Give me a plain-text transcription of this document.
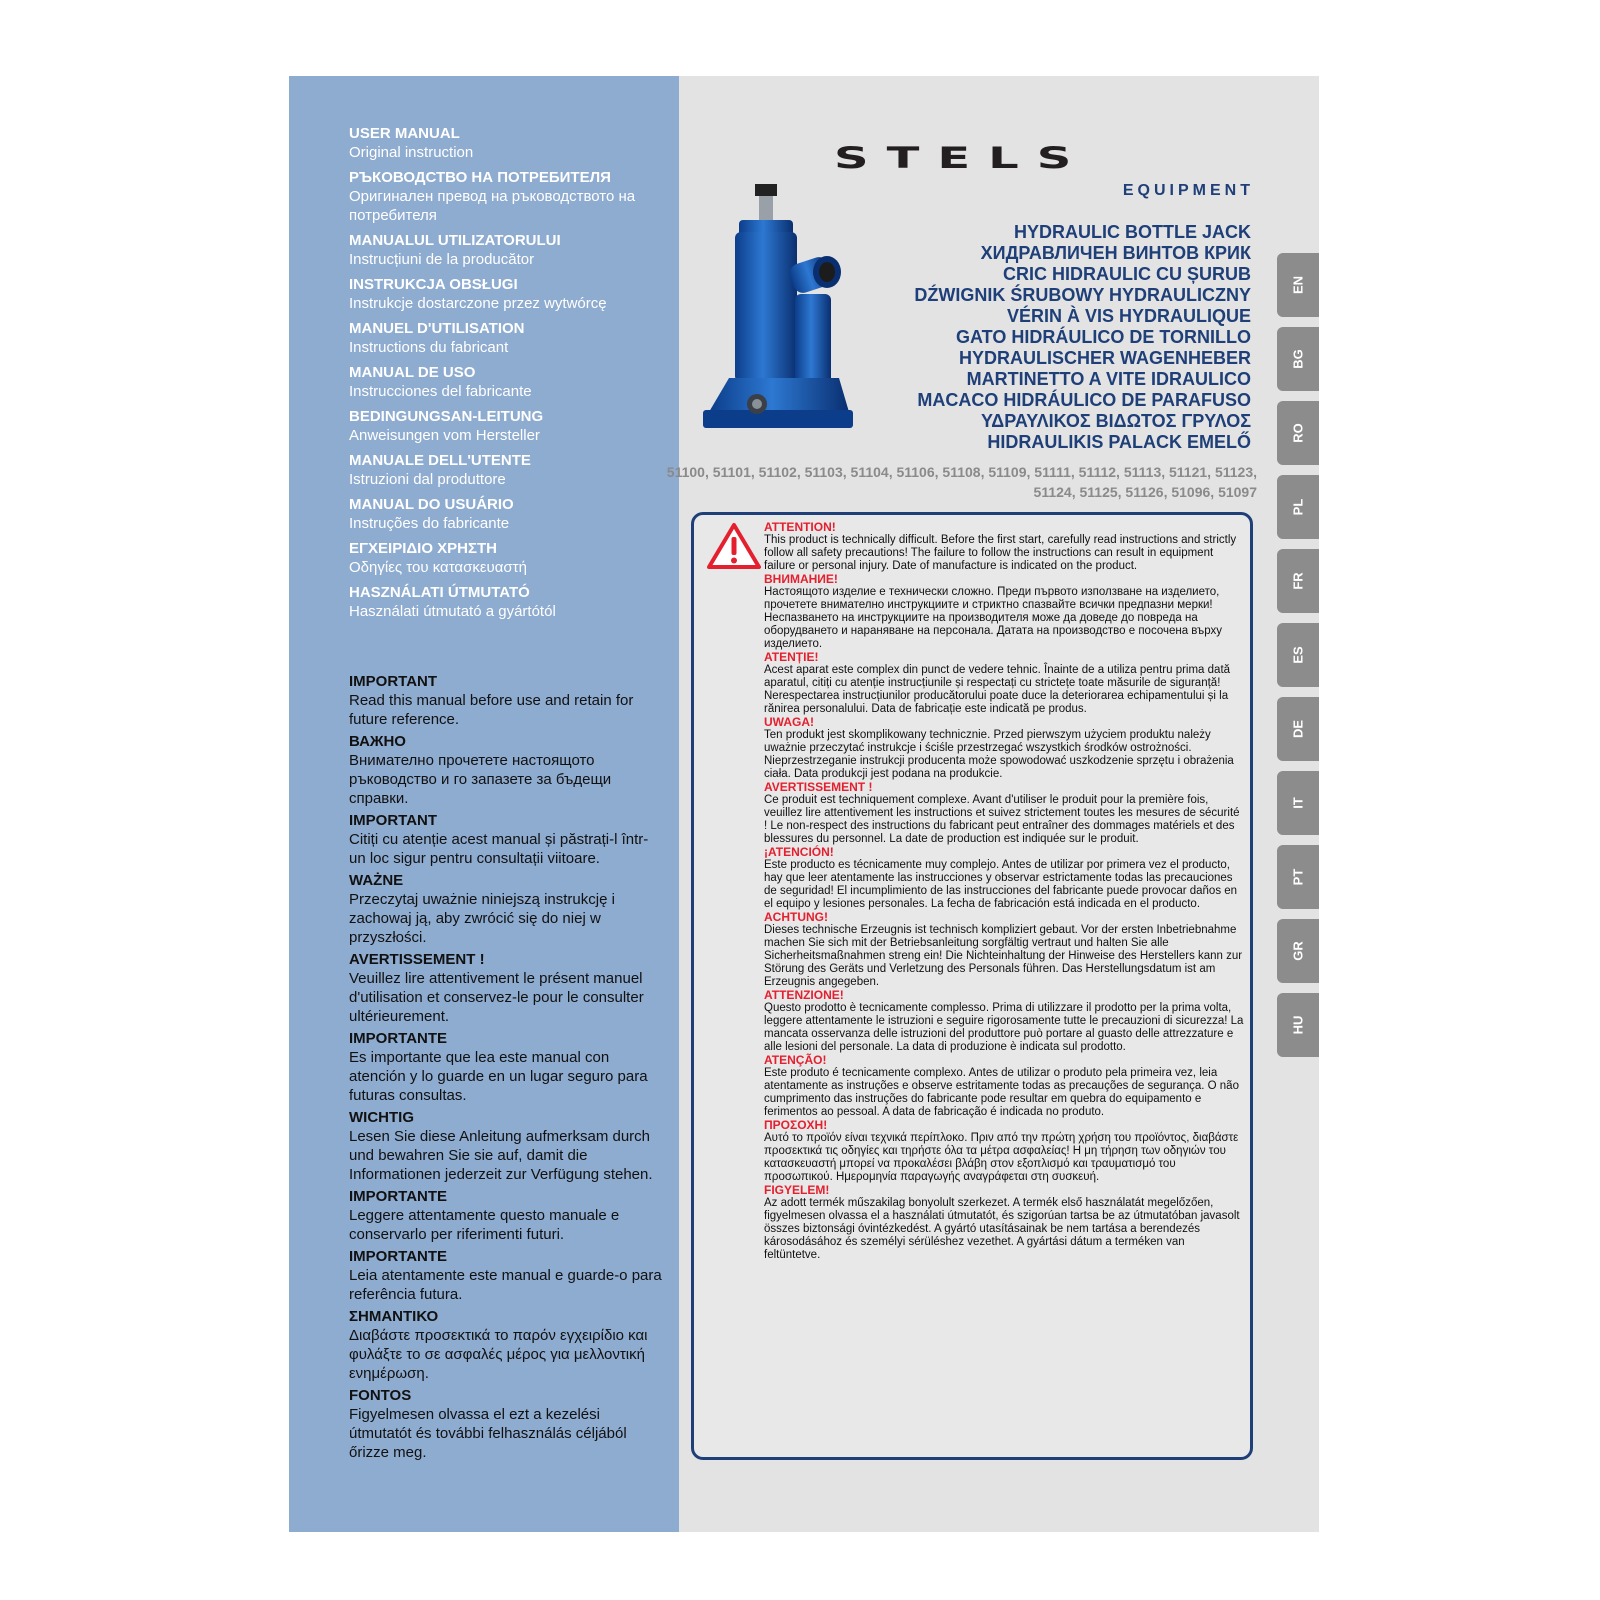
USER MANUAL
Original instruction
РЪКОВОДСТВО НА ПОТРЕБИТЕЛЯ
Оригинален превод на ръководството на потребителя
MANUALUL UTILIZATORULUI
Instrucțiuni de la producător
INSTRUKCJA OBSŁUGI
Instrukcje dostarczone przez wytwórcę
MANUEL D'UTILISATION
Instructions du fabricant
MANUAL DE USO
Instrucciones del fabricante
BEDINGUNGSAN-LEITUNG
Anweisungen vom Hersteller
MANUALE DELL'UTENTE
Istruzioni dal produttore
MANUAL DO USUÁRIO
Instruções do fabricante
ΕΓΧΕΙΡΙΔΙΟ ΧΡΗΣΤΗ
Οδηγίες του κατασκευαστή
HASZNÁLATI ÚTMUTATÓ
Használati útmutató a gyártótól
IMPORTANT
Read this manual before use and retain for future reference.
ВАЖНО
Внимателно прочетете настоящото ръководство и го запазете за бъдещи справки.
IMPORTANT
Citiți cu atenție acest manual și păstrați-l într-un loc sigur pentru consultații viitoare.
WAŻNE
Przeczytaj uważnie niniejszą instrukcję i zachowaj ją, aby zwrócić się do niej w przyszłości.
AVERTISSEMENT !
Veuillez lire attentivement le présent manuel d'utilisation et conservez-le pour le consulter ultérieurement.
IMPORTANTE
Es importante que lea este manual con atención y lo guarde en un lugar seguro para futuras consultas.
WICHTIG
Lesen Sie diese Anleitung aufmerksam durch und bewahren Sie sie auf, damit die Informationen jederzeit zur Verfügung stehen.
IMPORTANTE
Leggere attentamente questo manuale e conservarlo per riferimenti futuri.
IMPORTANTE
Leia atentamente este manual e guarde-o para referência futura.
ΣΗΜΑΝΤΙΚΟ
Διαβάστε προσεκτικά το παρόν εγχειρίδιο και φυλάξτε το σε ασφαλές μέρος για μελλοντική ενημέρωση.
FONTOS
Figyelmesen olvassa el ezt a kezelési útmutatót és további felhasználás céljából őrizze meg.
STELS
EQUIPMENT
HYDRAULIC BOTTLE JACK
ХИДРАВЛИЧЕН ВИНТОВ КРИК
CRIC HIDRAULIC CU ȘURUB
DŹWIGNIK ŚRUBOWY HYDRAULICZNY
VÉRIN À VIS HYDRAULIQUE
GATO HIDRÁULICO DE TORNILLO
HYDRAULISCHER WAGENHEBER
MARTINETTO A VITE IDRAULICO
MACACO HIDRÁULICO DE PARAFUSO
ΥΔΡΑΥΛΙΚΟΣ ΒΙΔΩΤΟΣ ΓΡΥΛΟΣ
HIDRAULIKIS PALACK EMELŐ
51100, 51101, 51102, 51103, 51104, 51106, 51108, 51109, 51111, 51112, 51113, 51121, 51123, 51124, 51125, 51126, 51096, 51097
EN
BG
RO
PL
FR
ES
DE
IT
PT
GR
HU
ATTENTION!
This product is technically difficult. Before the first start, carefully read instructions and strictly follow all safety precautions! The failure to follow the instructions can result in equipment failure or personal injury. Date of manufacture is indicated on the product.
ВНИМАНИЕ!
Настоящото изделие е технически сложно. Преди първото използване на изделието, прочетете внимателно инструкциите и стриктно спазвайте всички предпазни мерки! Неспазването на инструкциите на производителя може да доведе до повреда на оборудването и нараняване на персонала. Датата на производство е посочена върху изделието.
ATENȚIE!
Acest aparat este complex din punct de vedere tehnic. Înainte de a utiliza pentru prima dată aparatul, citiți cu atenție instrucțiunile și respectați cu strictețe toate măsurile de siguranță! Nerespectarea instrucțiunilor producătorului poate duce la deteriorarea echipamentului și la rănirea personalului. Data de fabricație este indicată pe produs.
UWAGA!
Ten produkt jest skomplikowany technicznie. Przed pierwszym użyciem produktu należy uważnie przeczytać instrukcje i ściśle przestrzegać wszystkich środków ostrożności. Nieprzestrzeganie instrukcji producenta może spowodować uszkodzenie sprzętu i obrażenia ciała. Data produkcji jest podana na produkcie.
AVERTISSEMENT !
Ce produit est techniquement complexe. Avant d'utiliser le produit pour la première fois, veuillez lire attentivement les instructions et suivez strictement toutes les mesures de sécurité ! Le non-respect des instructions du fabricant peut entraîner des dommages matériels et des blessures du personnel. La date de production est indiquée sur le produit.
¡ATENCIÓN!
Este producto es técnicamente muy complejo. Antes de utilizar por primera vez el producto, hay que leer atentamente las instrucciones y observar estrictamente todas las precauciones de seguridad! El incumplimiento de las instrucciones del fabricante puede provocar daños en el equipo y lesiones personales. La fecha de fabricación está indicada en el producto.
ACHTUNG!
Dieses technische Erzeugnis ist technisch kompliziert gebaut. Vor der ersten Inbetriebnahme machen Sie sich mit der Betriebsanleitung sorgfältig vertraut und halten Sie alle Sicherheitsmaßnahmen streng ein! Die Nichteinhaltung der Hinweise des Herstellers kann zur Störung des Geräts und Verletzung des Personals führen. Das Herstellungsdatum ist am Erzeugnis angegeben.
ATTENZIONE!
Questo prodotto è tecnicamente complesso. Prima di utilizzare il prodotto per la prima volta, leggere attentamente le istruzioni e seguire rigorosamente tutte le precauzioni di sicurezza! La mancata osservanza delle istruzioni del produttore può portare al guasto delle attrezzature e alle lesioni del personale. La data di produzione è indicata sul prodotto.
ATENÇÃO!
Este produto é tecnicamente complexo. Antes de utilizar o produto pela primeira vez, leia atentamente as instruções e observe estritamente todas as precauções de segurança. O não cumprimento das instruções do fabricante pode resultar em quebra do equipamento e ferimentos ao pessoal. A data de fabricação é indicada no produto.
ΠΡΟΣΟΧΗ!
Αυτό το προϊόν είναι τεχνικά περίπλοκο. Πριν από την πρώτη χρήση του προϊόντος, διαβάστε προσεκτικά τις οδηγίες και τηρήστε όλα τα μέτρα ασφαλείας! Η μη τήρηση των οδηγιών του κατασκευαστή μπορεί να προκαλέσει βλάβη στον εξοπλισμό και τραυματισμό του προσωπικού. Ημερομηνία παραγωγής αναγράφεται στη συσκευή.
FIGYELEM!
Az adott termék műszakilag bonyolult szerkezet. A termék első használatát megelőzően, figyelmesen olvassa el a használati útmutatót, és szigorúan tartsa be az útmutatóban javasolt összes biztonsági óvintézkedést. A gyártó utasításainak be nem tartása a berendezés károsodásához és személyi sérüléshez vezethet. A gyártási dátum a terméken van feltüntetve.
